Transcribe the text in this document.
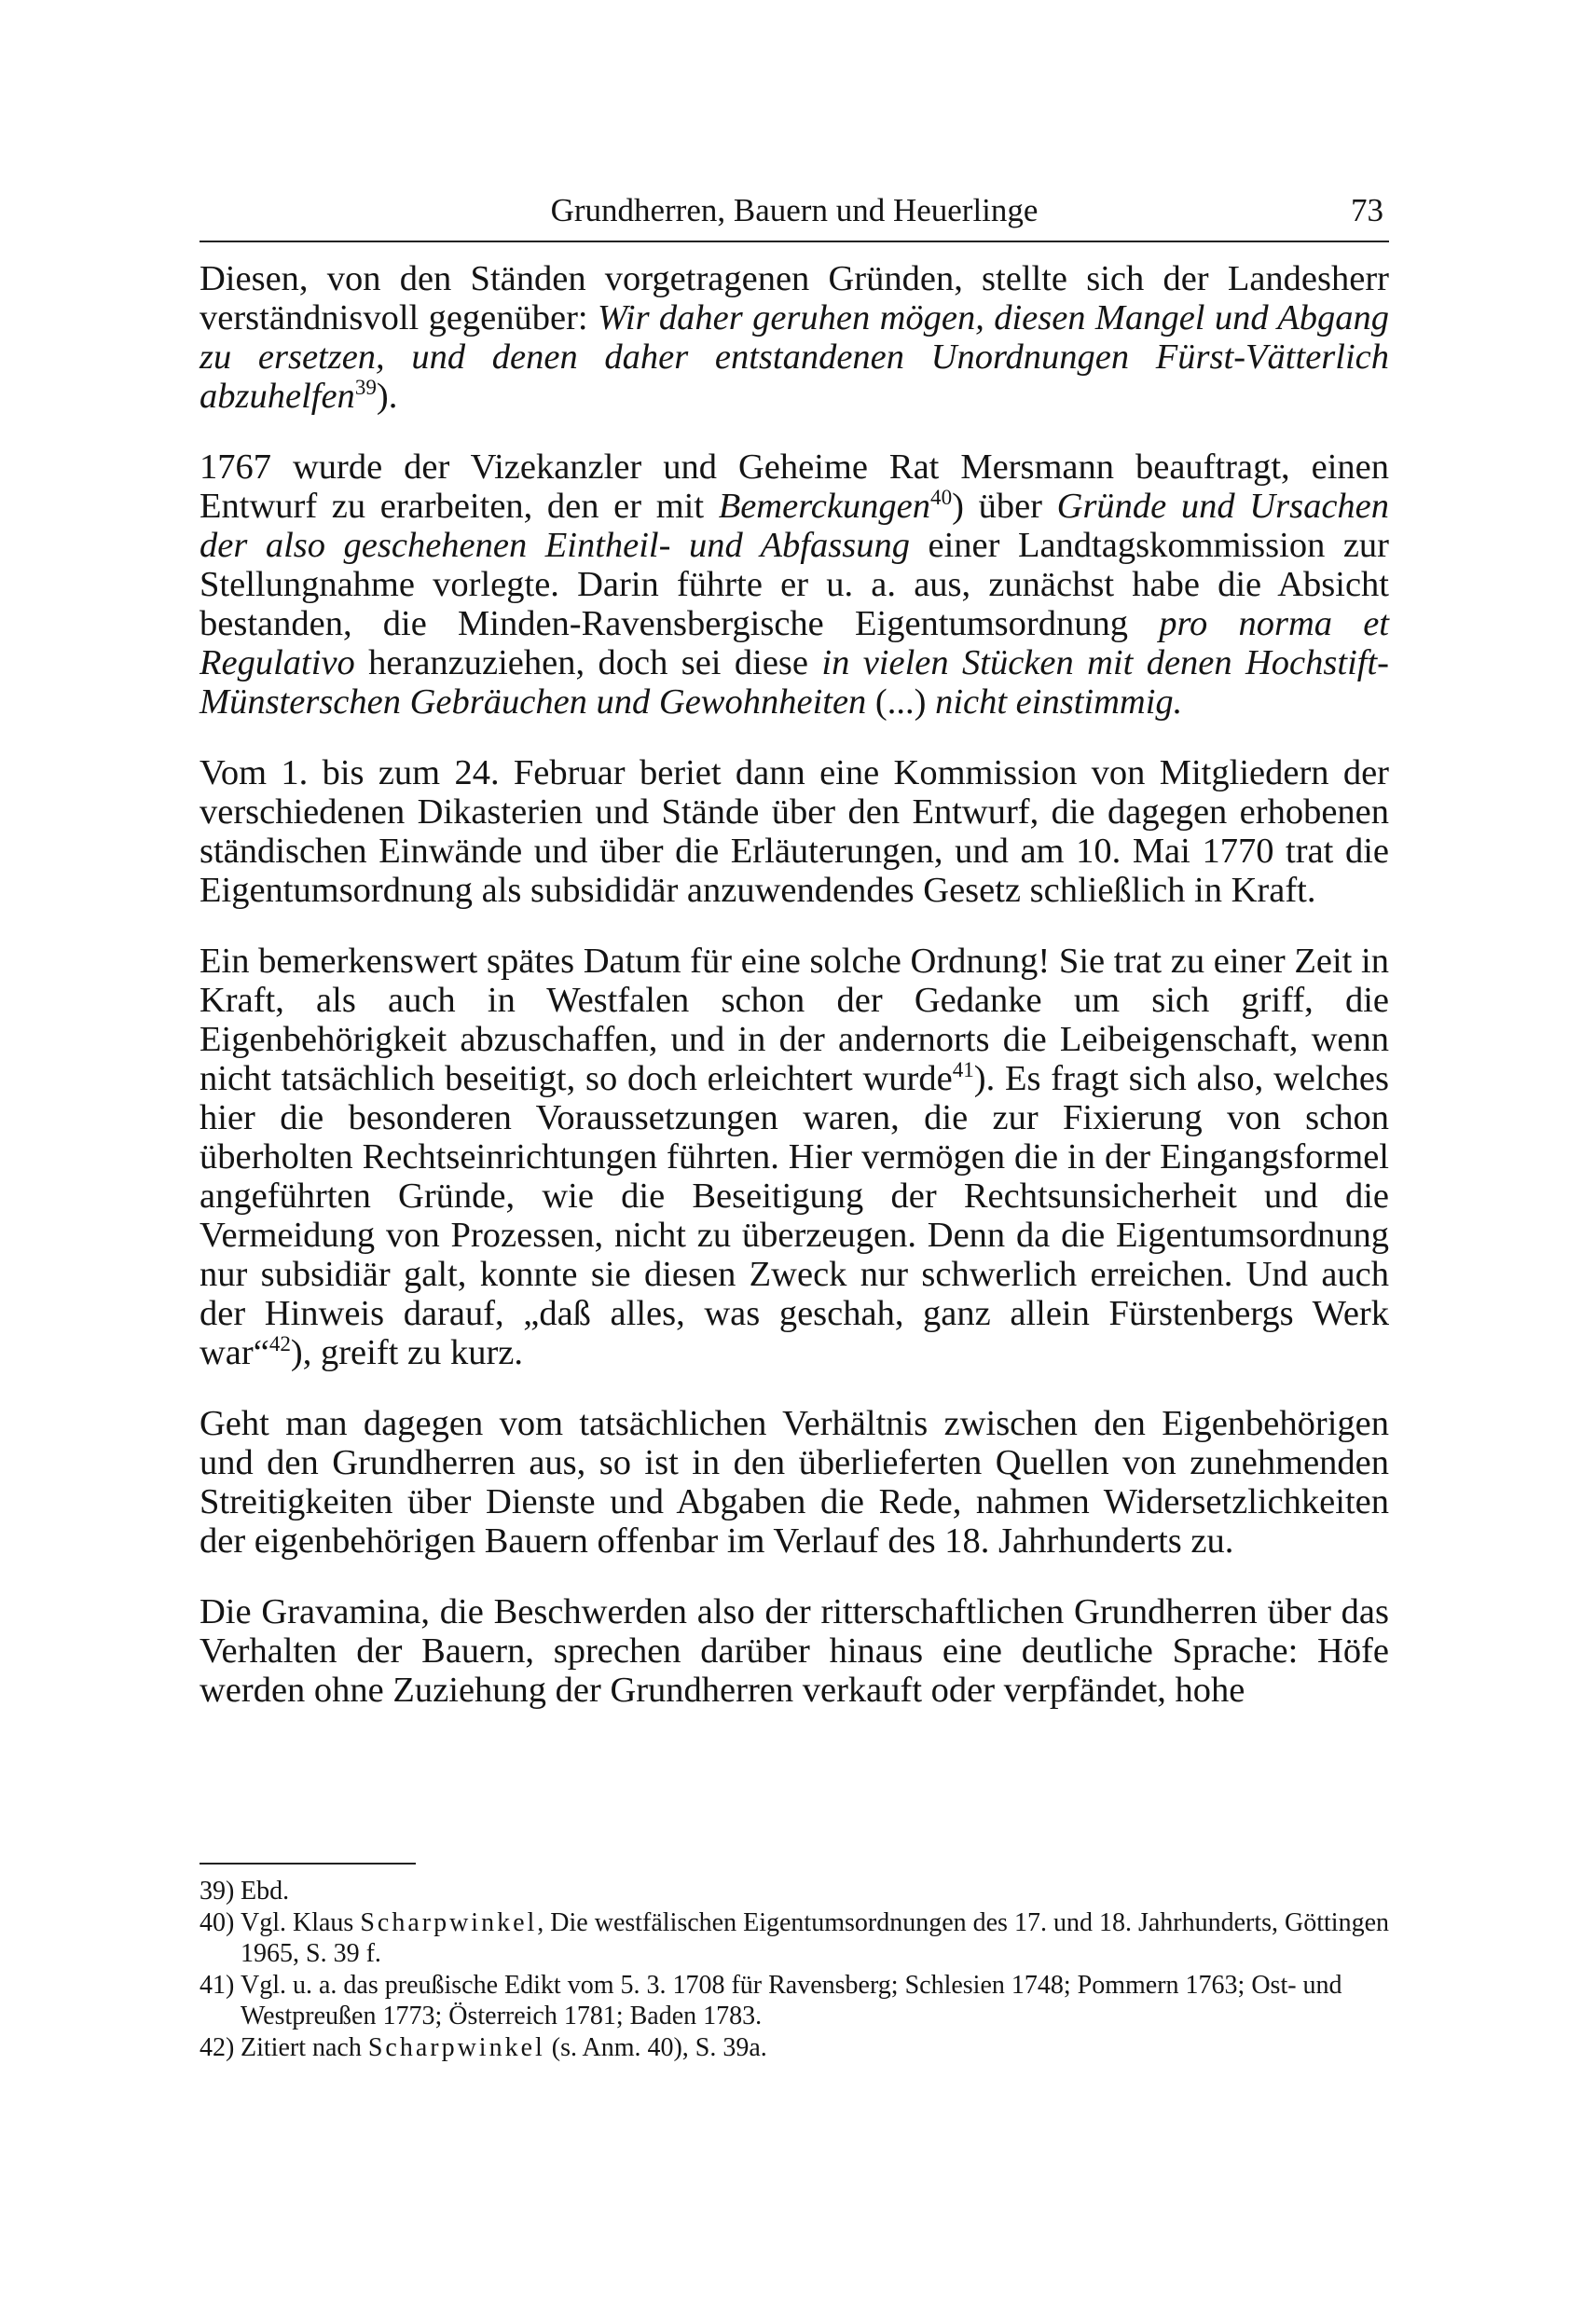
Grundherren, Bauern und Heuerlinge	73

Diesen, von den Ständen vorgetragenen Gründen, stellte sich der Landesherr verständnisvoll gegenüber: Wir daher geruhen mögen, diesen Mangel und Abgang zu ersetzen, und denen daher entstandenen Unordnungen Fürst-Vätterlich abzuhelfen$^{39}$).

1767 wurde der Vizekanzler und Geheime Rat Mersmann beauftragt, einen Entwurf zu erarbeiten, den er mit Bemerckungen$^{40}$) über Gründe und Ursachen der also geschehenen Eintheil- und Abfassung einer Landtagskommission zur Stellungnahme vorlegte. Darin führte er u. a. aus, zunächst habe die Absicht bestanden, die Minden-Ravensbergische Eigentumsordnung pro norma et Regulativo heranzuziehen, doch sei diese in vielen Stücken mit denen Hochstift-Münsterschen Gebräuchen und Gewohnheiten (...) nicht einstimmig.

Vom 1. bis zum 24. Februar beriet dann eine Kommission von Mitgliedern der verschiedenen Dikasterien und Stände über den Entwurf, die dagegen erhobenen ständischen Einwände und über die Erläuterungen, und am 10. Mai 1770 trat die Eigentumsordnung als subsididär anzuwendendes Gesetz schließlich in Kraft.

Ein bemerkenswert spätes Datum für eine solche Ordnung! Sie trat zu einer Zeit in Kraft, als auch in Westfalen schon der Gedanke um sich griff, die Eigenbehörigkeit abzuschaffen, und in der andernorts die Leibeigenschaft, wenn nicht tatsächlich beseitigt, so doch erleichtert wurde$^{41}$). Es fragt sich also, welches hier die besonderen Voraussetzungen waren, die zur Fixierung von schon überholten Rechtseinrichtungen führten. Hier vermögen die in der Eingangsformel angeführten Gründe, wie die Beseitigung der Rechtsunsicherheit und die Vermeidung von Prozessen, nicht zu überzeugen. Denn da die Eigentumsordnung nur subsidiär galt, konnte sie diesen Zweck nur schwerlich erreichen. Und auch der Hinweis darauf, „daß alles, was geschah, ganz allein Fürstenbergs Werk war“$^{42}$), greift zu kurz.

Geht man dagegen vom tatsächlichen Verhältnis zwischen den Eigenbehörigen und den Grundherren aus, so ist in den überlieferten Quellen von zunehmenden Streitigkeiten über Dienste und Abgaben die Rede, nahmen Widersetzlichkeiten der eigenbehörigen Bauern offenbar im Verlauf des 18. Jahrhunderts zu.

Die Gravamina, die Beschwerden also der ritterschaftlichen Grundherren über das Verhalten der Bauern, sprechen darüber hinaus eine deutliche Sprache: Höfe werden ohne Zuziehung der Grundherren verkauft oder verpfändet, hohe

39) Ebd.
40) Vgl. Klaus Scharpwinkel, Die westfälischen Eigentumsordnungen des 17. und 18. Jahrhunderts, Göttingen 1965, S. 39 f.
41) Vgl. u. a. das preußische Edikt vom 5. 3. 1708 für Ravensberg; Schlesien 1748; Pommern 1763; Ost- und Westpreußen 1773; Österreich 1781; Baden 1783.
42) Zitiert nach Scharpwinkel (s. Anm. 40), S. 39a.
